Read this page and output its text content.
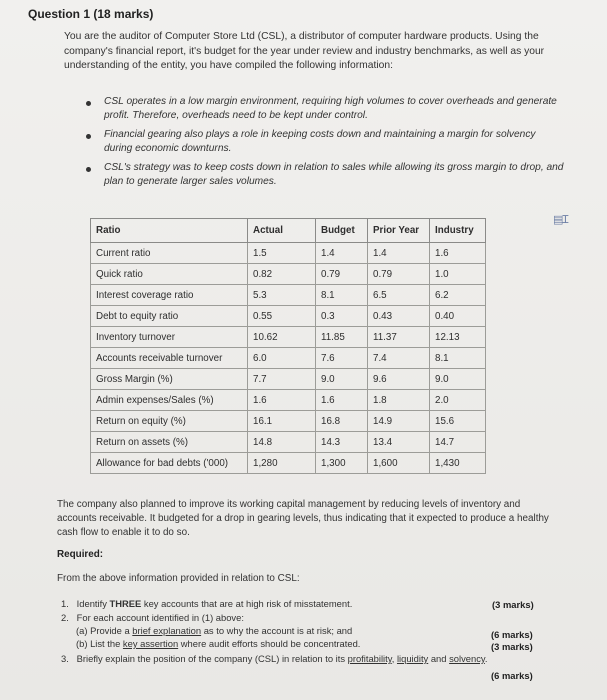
Question 1 (18 marks)
You are the auditor of Computer Store Ltd (CSL), a distributor of computer hardware products. Using the company's financial report, it's budget for the year under review and industry benchmarks, as well as your understanding of the entity, you have compiled the following information:
CSL operates in a low margin environment, requiring high volumes to cover overheads and generate profit. Therefore, overheads need to be kept under control.
Financial gearing also plays a role in keeping costs down and maintaining a margin for solvency during economic downturns.
CSL's strategy was to keep costs down in relation to sales while allowing its gross margin to drop, and plan to generate larger sales volumes.
▤Ɪ
Ratio	Actual	Budget	Prior Year	Industry
Current ratio	1.5	1.4	1.4	1.6
Quick ratio	0.82	0.79	0.79	1.0
Interest coverage ratio	5.3	8.1	6.5	6.2
Debt to equity ratio	0.55	0.3	0.43	0.40
Inventory turnover	10.62	11.85	11.37	12.13
Accounts receivable turnover	6.0	7.6	7.4	8.1
Gross Margin (%)	7.7	9.0	9.6	9.0
Admin expenses/Sales (%)	1.6	1.6	1.8	2.0
Return on equity (%)	16.1	16.8	14.9	15.6
Return on assets (%)	14.8	14.3	13.4	14.7
Allowance for bad debts ('000)	1,280	1,300	1,600	1,430
The company also planned to improve its working capital management by reducing levels of inventory and accounts receivable. It budgeted for a drop in gearing levels, thus indicating that it expected to produce a healthy cash flow to enable it to do so.
Required:
From the above information provided in relation to CSL:
1. Identify THREE key accounts that are at high risk of misstatement.	(3 marks)
2. For each account identified in (1) above:
(a) Provide a brief explanation as to why the account is at risk; and	(6 marks)
(b) List the key assertion where audit efforts should be concentrated.	(3 marks)
3. Briefly explain the position of the company (CSL) in relation to its profitability, liquidity and solvency.
(6 marks)
